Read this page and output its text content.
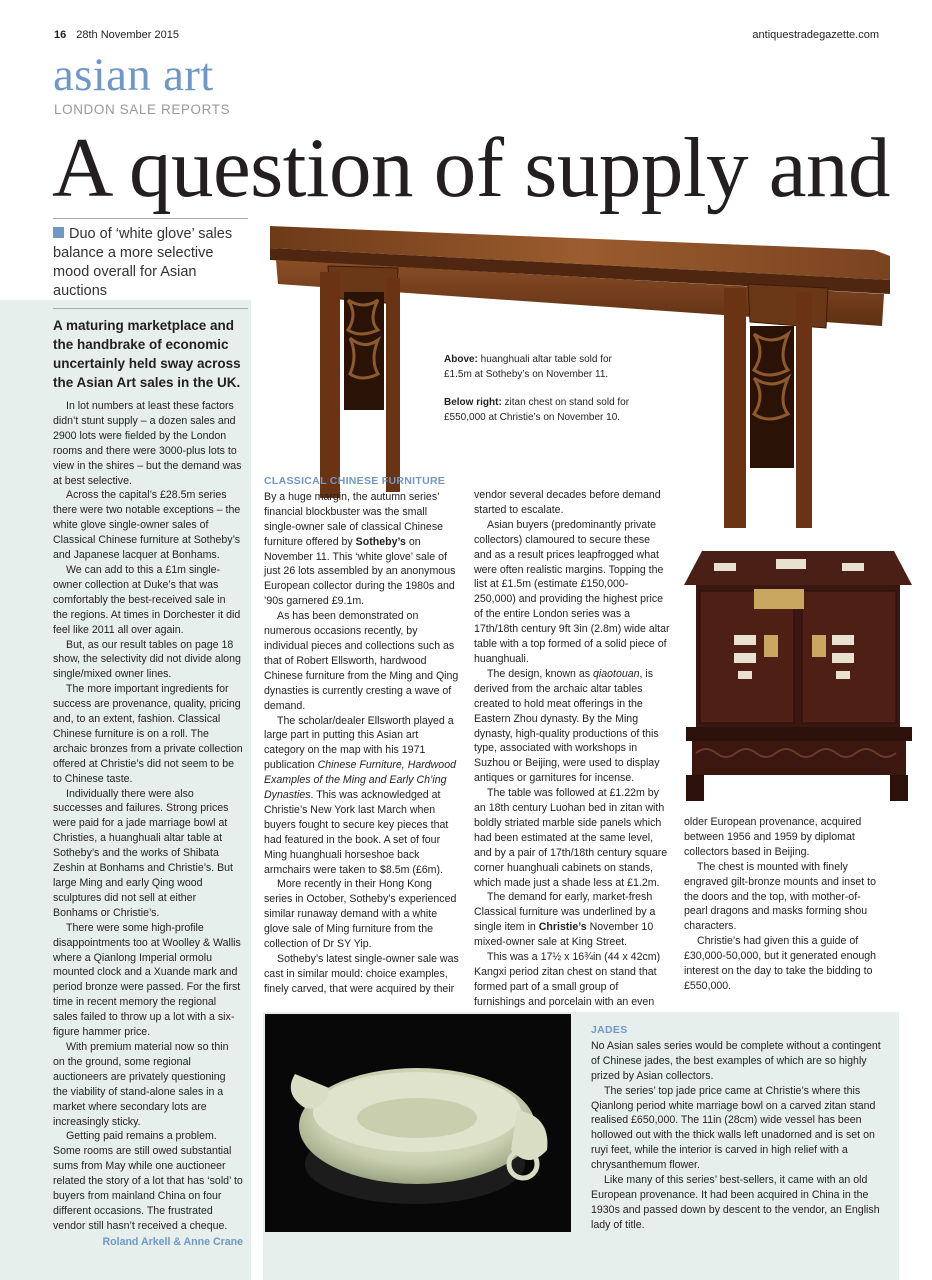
16 28th November 2015	antiquestradegazette.com
asian art
LONDON SALE REPORTS
A question of supply and
Duo of ‘white glove’ sales balance a more selective mood overall for Asian auctions
A maturing marketplace and the handbrake of economic uncertainly held sway across the Asian Art sales in the UK.

In lot numbers at least these factors didn’t stunt supply – a dozen sales and 2900 lots were fielded by the London rooms and there were 3000-plus lots to view in the shires – but the demand was at best selective.

Across the capital’s £28.5m series there were two notable exceptions – the white glove single-owner sales of Classical Chinese furniture at Sotheby’s and Japanese lacquer at Bonhams.

We can add to this a £1m single-owner collection at Duke’s that was comfortably the best-received sale in the regions. At times in Dorchester it did feel like 2011 all over again.

But, as our result tables on page 18 show, the selectivity did not divide along single/mixed owner lines.

The more important ingredients for success are provenance, quality, pricing and, to an extent, fashion. Classical Chinese furniture is on a roll. The archaic bronzes from a private collection offered at Christie’s did not seem to be to Chinese taste.

Individually there were also successes and failures. Strong prices were paid for a jade marriage bowl at Christies, a huanghuali altar table at Sotheby’s and the works of Shibata Zeshin at Bonhams and Christie’s. But large Ming and early Qing wood sculptures did not sell at either Bonhams or Christie’s.

There were some high-profile disappointments too at Woolley & Wallis where a Qianlong Imperial ormolu mounted clock and a Xuande mark and period bronze were passed. For the first time in recent memory the regional sales failed to throw up a lot with a six-figure hammer price.

With premium material now so thin on the ground, some regional auctioneers are privately questioning the viability of stand-alone sales in a market where secondary lots are increasingly sticky.

Getting paid remains a problem. Some rooms are still owed substantial sums from May while one auctioneer related the story of a lot that has ‘sold’ to buyers from mainland China on four different occasions. The frustrated vendor still hasn’t received a cheque.

Roland Arkell & Anne Crane

Above: huanghuali altar table sold for £1.5m at Sotheby’s on November 11.

Below right: zitan chest on stand sold for £550,000 at Christie’s on November 10.

CLASSICAL CHINESE FURNITURE

By a huge margin, the autumn series’ financial blockbuster was the small single-owner sale of classical Chinese furniture offered by Sotheby’s on November 11. This ‘white glove’ sale of just 26 lots assembled by an anonymous European collector during the 1980s and ’90s garnered £9.1m.

As has been demonstrated on numerous occasions recently, by individual pieces and collections such as that of Robert Ellsworth, hardwood Chinese furniture from the Ming and Qing dynasties is currently cresting a wave of demand.

The scholar/dealer Ellsworth played a large part in putting this Asian art category on the map with his 1971 publication Chinese Furniture, Hardwood Examples of the Ming and Early Ch’ing Dynasties. This was acknowledged at Christie’s New York last March when buyers fought to secure key pieces that had featured in the book. A set of four Ming huanghuali horseshoe back armchairs were taken to $8.5m (£6m).

More recently in their Hong Kong series in October, Sotheby’s experienced similar runaway demand with a white glove sale of Ming furniture from the collection of Dr SY Yip.

Sotheby’s latest single-owner sale was cast in similar mould: choice examples, finely carved, that were acquired by their

vendor several decades before demand started to escalate.

Asian buyers (predominantly private collectors) clamoured to secure these and as a result prices leapfrogged what were often realistic margins. Topping the list at £1.5m (estimate £150,000-250,000) and providing the highest price of the entire London series was a 17th/18th century 9ft 3in (2.8m) wide altar table with a top formed of a solid piece of huanghuali.

The design, known as qiaotouan, is derived from the archaic altar tables created to hold meat offerings in the Eastern Zhou dynasty. By the Ming dynasty, high-quality productions of this type, associated with workshops in Suzhou or Beijing, were used to display antiques or garnitures for incense.

The table was followed at £1.22m by an 18th century Luohan bed in zitan with boldly striated marble side panels which had been estimated at the same level, and by a pair of 17th/18th century square corner huanghuali cabinets on stands, which made just a shade less at £1.2m.

The demand for early, market-fresh Classical furniture was underlined by a single item in Christie’s November 10 mixed-owner sale at King Street.

This was a 17½ x 16¾in (44 x 42cm) Kangxi period zitan chest on stand that formed part of a small group of furnishings and porcelain with an even

older European provenance, acquired between 1956 and 1959 by diplomat collectors based in Beijing.

The chest is mounted with finely engraved gilt-bronze mounts and inset to the doors and the top, with mother-of-pearl dragons and masks forming shou characters.

Christie’s had given this a guide of £30,000-50,000, but it generated enough interest on the day to take the bidding to £550,000.

JADES

No Asian sales series would be complete without a contingent of Chinese jades, the best examples of which are so highly prized by Asian collectors.

The series’ top jade price came at Christie’s where this Qianlong period white marriage bowl on a carved zitan stand realised £650,000. The 11in (28cm) wide vessel has been hollowed out with the thick walls left unadorned and is set on ruyi feet, while the interior is carved in high relief with a chrysanthemum flower.

Like many of this series’ best-sellers, it came with an old European provenance. It had been acquired in China in the 1930s and passed down by descent to the vendor, an English lady of title.
